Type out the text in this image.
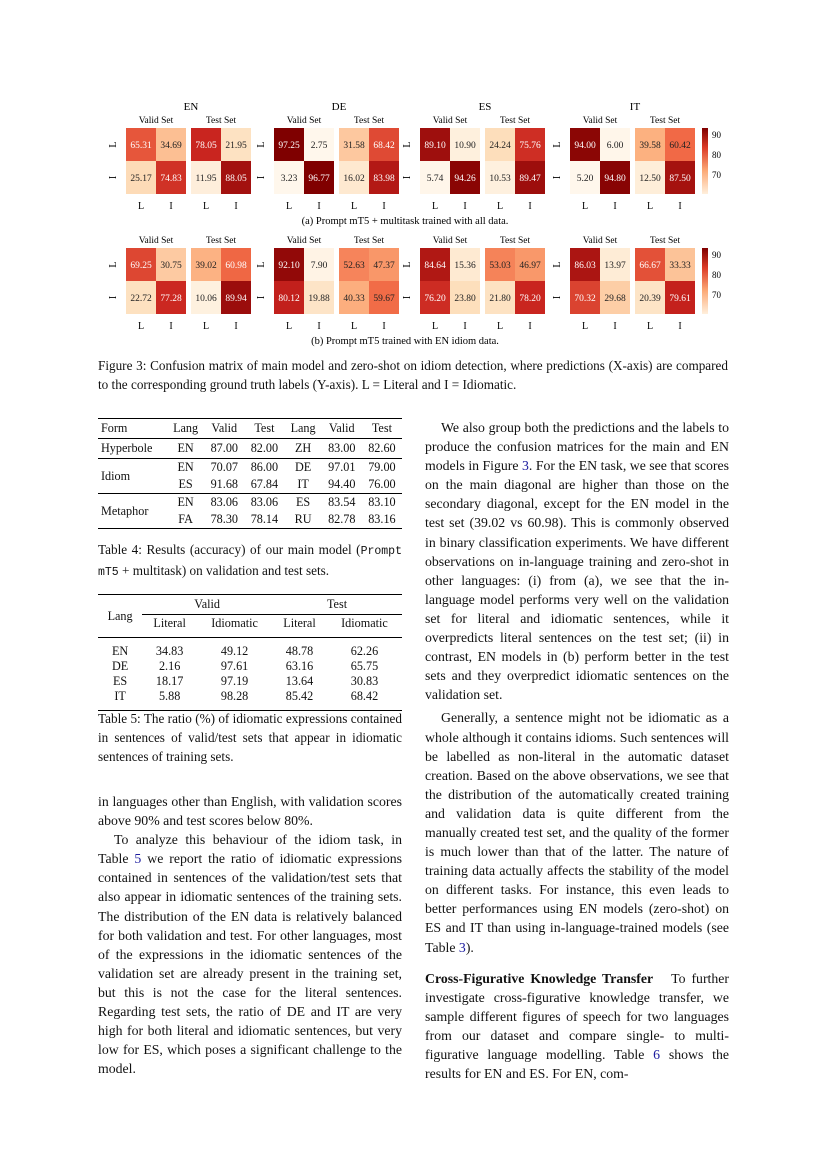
EN
Valid Set
65.31 34.69
25.17 74.83
L	I
Test Set
78.05 21.95
11.95 88.05
L	I
L
I
DE
Valid Set
97.25 2.75
3.23 96.77
L	I
Test Set
31.58 68.42
16.02 83.98
L	I
L
I
ES
Valid Set
89.10 10.90
5.74 94.26
L	I
Test Set
24.24 75.76
10.53 89.47
L	I
L
I
IT
Valid Set
94.00 6.00
5.20 94.80
L	I
Test Set
39.58 60.42
12.50 87.50
L	I
L
I
90
80
70
(a) Prompt mT5 + multitask trained with all data.
Valid Set
69.25 30.75
22.72 77.28
L	I
Test Set
39.02 60.98
10.06 89.94
L	I
L
I
Valid Set
92.10 7.90
80.12 19.88
L	I
Test Set
52.63 47.37
40.33 59.67
L	I
L
I
Valid Set
84.64 15.36
76.20 23.80
L	I
Test Set
53.03 46.97
21.80 78.20
L	I
L
I
Valid Set
86.03 13.97
70.32 29.68
L	I
Test Set
66.67 33.33
20.39 79.61
L	I
L
I
90
80
70
(b) Prompt mT5 trained with EN idiom data.
Figure 3: Confusion matrix of main model and zero-shot on idiom detection, where predictions (X-axis) are compared to the corresponding ground truth labels (Y-axis). L = Literal and I = Idiomatic.
Form	Lang	Valid	Test	Lang	Valid	Test
Hyperbole	EN	87.00	82.00	ZH	83.00	82.60
Idiom	EN	70.07	86.00	DE	97.01	79.00
	ES	91.68	67.84	IT	94.40	76.00
Metaphor	EN	83.06	83.06	ES	83.54	83.10
	FA	78.30	78.14	RU	82.78	83.16
Table 4: Results (accuracy) of our main model (Prompt mT5 + multitask) on validation and test sets.
Lang	Valid		Test	
	Literal	Idiomatic	Literal	Idiomatic
EN	34.83	49.12	48.78	62.26
DE	2.16	97.61	63.16	65.75
ES	18.17	97.19	13.64	30.83
IT	5.88	98.28	85.42	68.42
Table 5: The ratio (%) of idiomatic expressions contained in sentences of valid/test sets that appear in idiomatic sentences of training sets.

in languages other than English, with validation scores above 90% and test scores below 80%.

To analyze this behaviour of the idiom task, in Table 5 we report the ratio of idiomatic expressions contained in sentences of the validation/test sets that also appear in idiomatic sentences of the training sets. The distribution of the EN data is relatively balanced for both validation and test. For other languages, most of the expressions in the idiomatic sentences of the validation set are already present in the training set, but this is not the case for the literal sentences. Regarding test sets, the ratio of DE and IT are very high for both literal and idiomatic sentences, but very low for ES, which poses a significant challenge to the model.

We also group both the predictions and the labels to produce the confusion matrices for the main and EN models in Figure 3. For the EN task, we see that scores on the main diagonal are higher than those on the secondary diagonal, except for the EN model in the test set (39.02 vs 60.98). This is commonly observed in binary classification experiments. We have different observations on in-language training and zero-shot in other languages: (i) from (a), we see that the in-language model performs very well on the validation set for literal and idiomatic sentences, while it overpredicts literal sentences on the test set; (ii) in contrast, EN models in (b) perform better in the test sets and they overpredict idiomatic sentences on the validation set.

Generally, a sentence might not be idiomatic as a whole although it contains idioms. Such sentences will be labelled as non-literal in the automatic dataset creation. Based on the above observations, we see that the distribution of the automatically created training and validation data is quite different from the manually created test set, and the quality of the former is much lower than that of the latter. The nature of training data actually affects the stability of the model on different tasks. For instance, this even leads to better performances using EN models (zero-shot) on ES and IT than using in-language-trained models (see Table 3).

Cross-Figurative Knowledge Transfer To further investigate cross-figurative knowledge transfer, we sample different figures of speech for two languages from our dataset and compare single- to multi-figurative language modelling. Table 6 shows the results for EN and ES. For EN, com-
